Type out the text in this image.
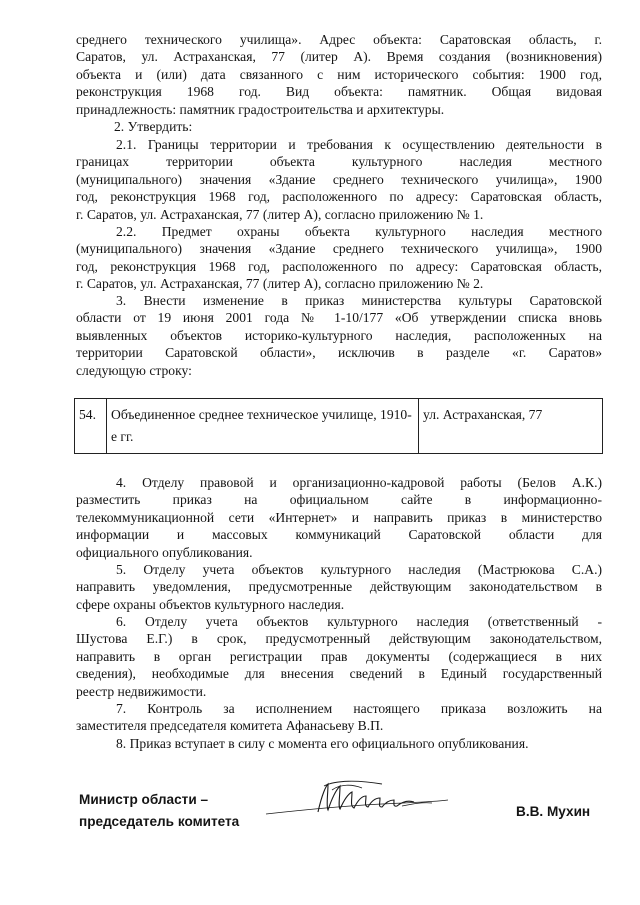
среднего технического училища». Адрес объекта: Саратовская область, г.
Саратов, ул. Астраханская, 77 (литер А). Время создания (возникновения)
объекта и (или) дата связанного с ним исторического события: 1900 год,
реконструкция 1968 год. Вид объекта: памятник. Общая видовая
принадлежность: памятник градостроительства и архитектуры.
2. Утвердить:
2.1. Границы территории и требования к осуществлению деятельности в
границах территории объекта культурного наследия местного
(муниципального) значения «Здание среднего технического училища», 1900
год, реконструкция 1968 год, расположенного по адресу: Саратовская область,
г. Саратов, ул. Астраханская, 77 (литер А), согласно приложению № 1.
2.2. Предмет охраны объекта культурного наследия местного
(муниципального) значения «Здание среднего технического училища», 1900
год, реконструкция 1968 год, расположенного по адресу: Саратовская область,
г. Саратов, ул. Астраханская, 77 (литер А), согласно приложению № 2.
3. Внести изменение в приказ министерства культуры Саратовской
области от 19 июня 2001 года № 1-10/177 «Об утверждении списка вновь
выявленных объектов историко-культурного наследия, расположенных на
территории Саратовской области», исключив в разделе «г. Саратов»
следующую строку:
54.	Объединенное среднее техническое училище, 1910-е гг.	ул. Астраханская, 77
4. Отделу правовой и организационно-кадровой работы (Белов А.К.)
разместить приказ на официальном сайте в информационно-
телекоммуникационной сети «Интернет» и направить приказ в министерство
информации и массовых коммуникаций Саратовской области для
официального опубликования.
5. Отделу учета объектов культурного наследия (Мастрюкова С.А.)
направить уведомления, предусмотренные действующим законодательством в
сфере охраны объектов культурного наследия.
6. Отделу учета объектов культурного наследия (ответственный -
Шустова Е.Г.) в срок, предусмотренный действующим законодательством,
направить в орган регистрации прав документы (содержащиеся в них
сведения), необходимые для внесения сведений в Единый государственный
реестр недвижимости.
7. Контроль за исполнением настоящего приказа возложить на
заместителя председателя комитета Афанасьеву В.П.
8. Приказ вступает в силу с момента его официального опубликования.
Министр области –
председатель комитета
В.В. Мухин
